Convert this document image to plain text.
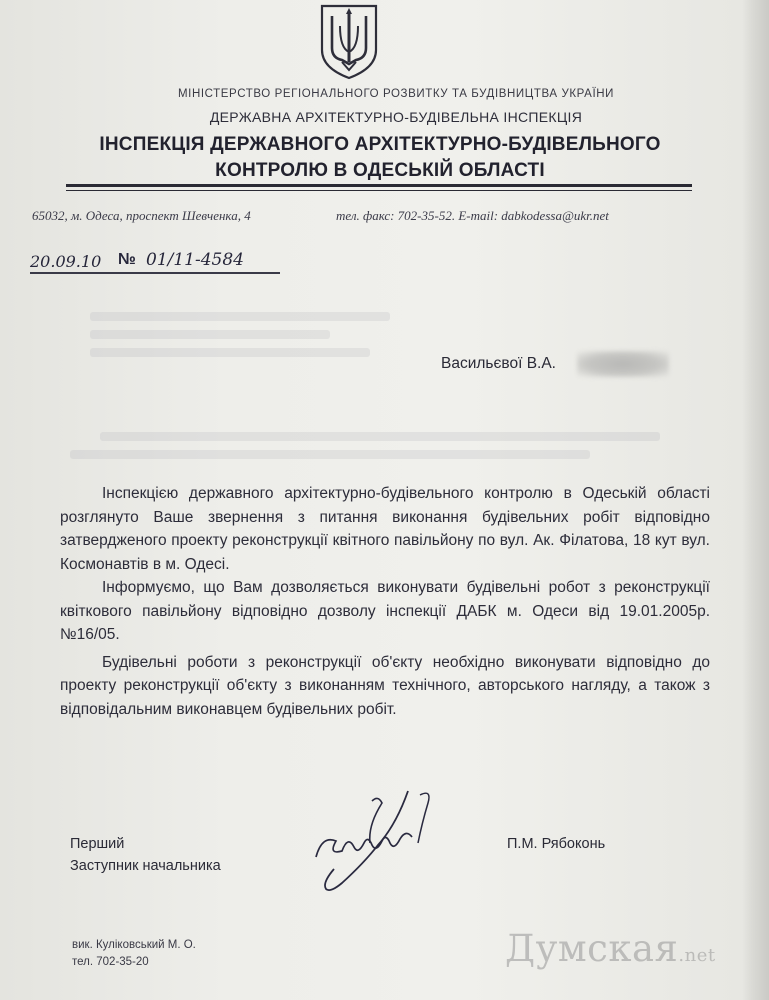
МІНІСТЕРСТВО РЕГІОНАЛЬНОГО РОЗВИТКУ ТА БУДІВНИЦТВА УКРАЇНИ
ДЕРЖАВНА АРХІТЕКТУРНО-БУДІВЕЛЬНА ІНСПЕКЦІЯ
ІНСПЕКЦІЯ ДЕРЖАВНОГО АРХІТЕКТУРНО-БУДІВЕЛЬНОГО
КОНТРОЛЮ В ОДЕСЬКІЙ ОБЛАСТІ
65032, м. Одеса, проспект Шевченка, 4	тел. факс: 702-35-52. E-mail: dabkodessa@ukr.net
20.09.10 № 01/11-4584
Васильєвої В.А.

Інспекцією державного архітектурно-будівельного контролю в Одеській області розглянуто Ваше звернення з питання виконання будівельних робіт відповідно затвердженого проекту реконструкції квітного павільйону по вул. Ак. Філатова, 18 кут вул. Космонавтів в м. Одесі.

Інформуємо, що Вам дозволяється виконувати будівельні робот з реконструкції квіткового павільйону відповідно дозволу інспекції ДАБК м. Одеси від 19.01.2005р. №16/05.

Будівельні роботи з реконструкції об'єкту необхідно виконувати відповідно до проекту реконструкції об'єкту з виконанням технічного, авторського нагляду, а також з відповідальним виконавцем будівельних робіт.

Перший
Заступник начальника
П.М. Рябоконь
вик. Куліковський М. О.
тел. 702-35-20	Думская.net
